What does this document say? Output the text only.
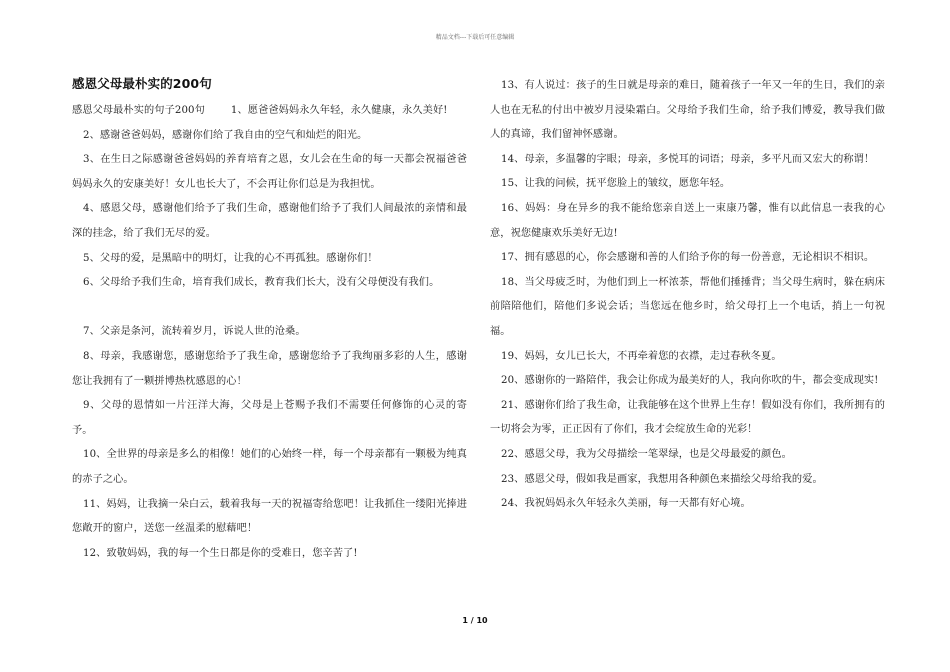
精品文档---下载后可任意编辑
感恩父母最朴实的200句

感恩父母最朴实的句子200句	1、愿爸爸妈妈永久年轻，永久健康，永久美好!

2、感谢爸爸妈妈，感谢你们给了我自由的空气和灿烂的阳光。

3、在生日之际感谢爸爸妈妈的养育培育之恩，女儿会在生命的每一天都会祝福爸爸妈妈永久的安康美好！女儿也长大了，不会再让你们总是为我担忧。

4、感恩父母，感谢他们给予了我们生命，感谢他们给予了我们人间最浓的亲情和最深的挂念，给了我们无尽的爱。

5、父母的爱，是黑暗中的明灯，让我的心不再孤独。感谢你们！

6、父母给予我们生命，培育我们成长，教育我们长大，没有父母便没有我们。

7、父亲是条河，流转着岁月，诉说人世的沧桑。

8、母亲，我感谢您，感谢您给予了我生命，感谢您给予了我绚丽多彩的人生，感谢您让我拥有了一颗拼博热枕感恩的心！

9、父母的恩情如一片汪洋大海，父母是上苍赐予我们不需要任何修饰的心灵的寄予。

10、全世界的母亲是多么的相像！她们的心始终一样，每一个母亲都有一颗极为纯真的赤子之心。

11、妈妈，让我摘一朵白云，载着我每一天的祝福寄给您吧！让我抓住一缕阳光捧进您敞开的窗户，送您一丝温柔的慰藉吧！

12、致敬妈妈，我的每一个生日都是你的受难日，您辛苦了!

13、有人说过：孩子的生日就是母亲的难日，随着孩子一年又一年的生日，我们的亲人也在无私的付出中被岁月浸染霜白。父母给予我们生命，给予我们博爱，教导我们做人的真谛，我们留神怀感谢。

14、母亲，多温馨的字眼；母亲，多悦耳的词语；母亲，多平凡而又宏大的称谓！

15、让我的问候，抚平您脸上的皱纹，愿您年轻。

16、妈妈：身在异乡的我不能给您亲自送上一束康乃馨，惟有以此信息一表我的心意，祝您健康欢乐美好无边!

17、拥有感恩的心，你会感谢和善的人们给予你的每一份善意，无论相识不相识。

18、当父母疲乏时，为他们到上一杯浓茶，帮他们捶捶背；当父母生病时，躲在病床前陪陪他们，陪他们多说会话；当您远在他乡时，给父母打上一个电话，捎上一句祝福。

19、妈妈，女儿已长大，不再牵着您的衣襟，走过春秋冬夏。

20、感谢你的一路陪伴，我会让你成为最美好的人，我向你吹的牛，都会变成现实!

21、感谢你们给了我生命，让我能够在这个世界上生存！假如没有你们，我所拥有的一切将会为零，正正因有了你们，我才会绽放生命的光彩！

22、感恩父母，我为父母描绘一笔翠绿，也是父母最爱的颜色。

23、感恩父母，假如我是画家，我想用各种颜色来描绘父母给我的爱。

24、我祝妈妈永久年轻永久美丽，每一天都有好心境。

1 / 10
